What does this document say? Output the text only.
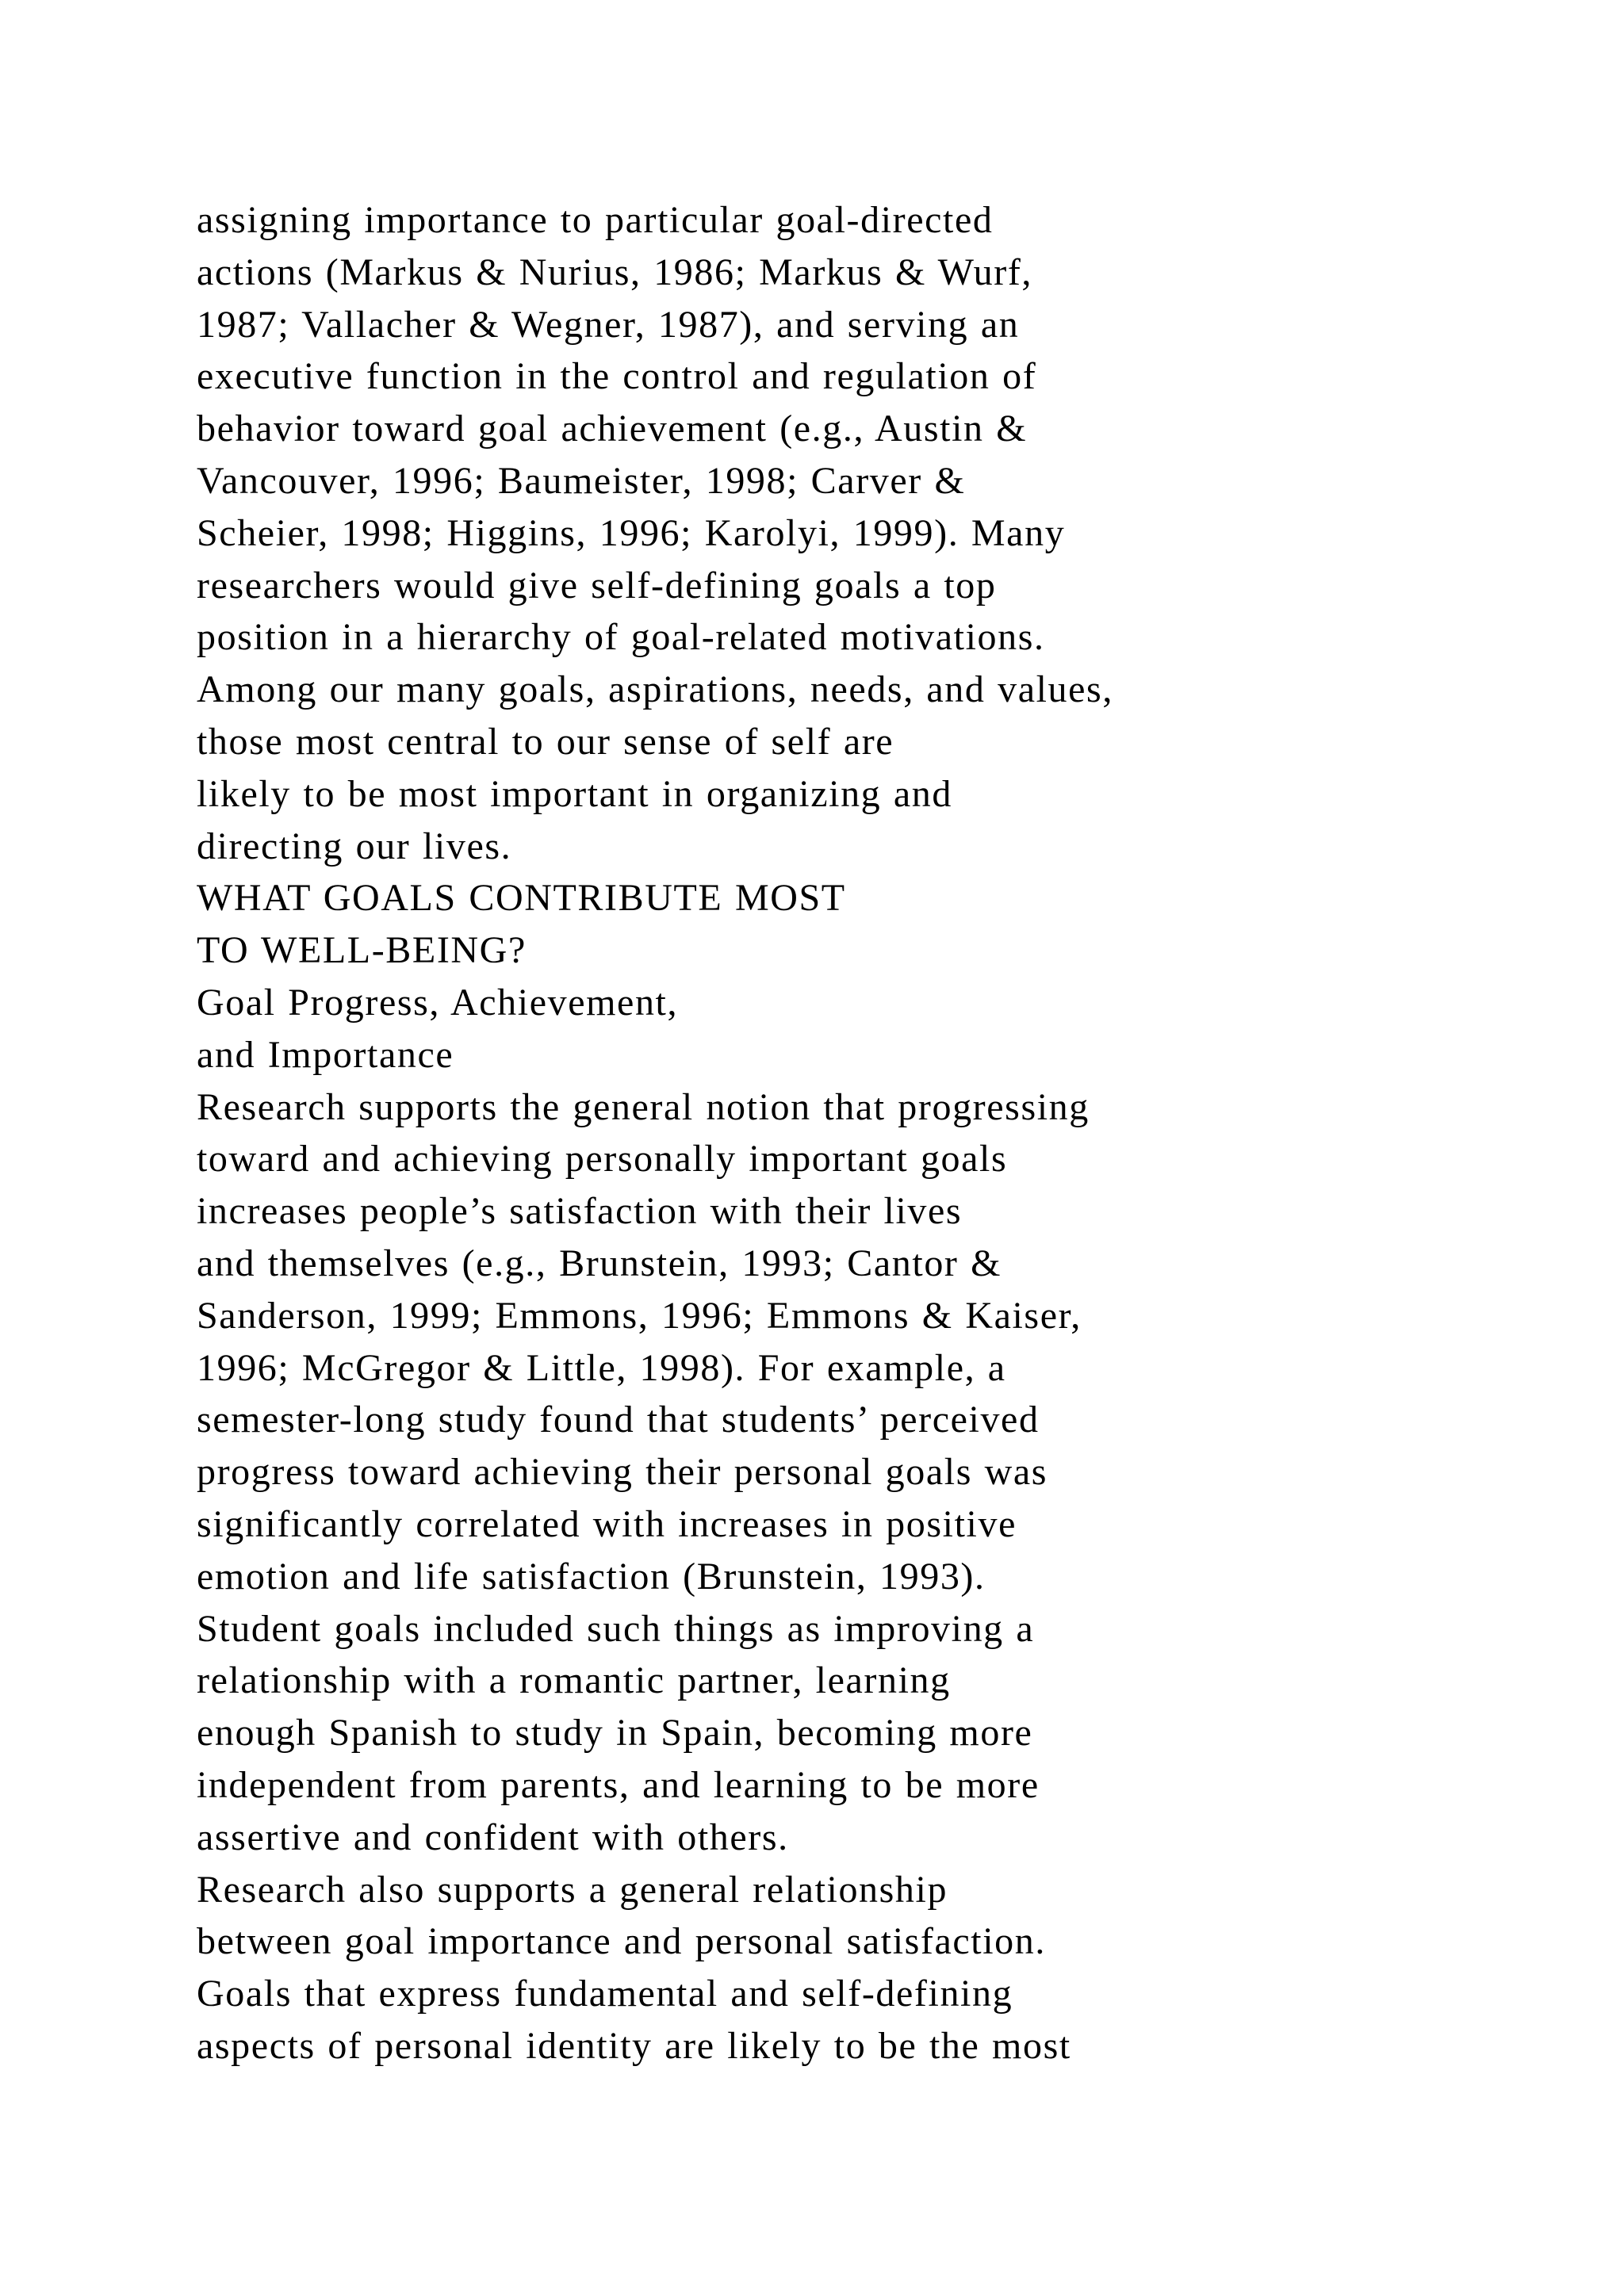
assigning importance to particular goal-directed
actions (Markus & Nurius, 1986; Markus & Wurf,
1987; Vallacher & Wegner, 1987), and serving an
executive function in the control and regulation of
behavior toward goal achievement (e.g., Austin &
Vancouver, 1996; Baumeister, 1998; Carver &
Scheier, 1998; Higgins, 1996; Karolyi, 1999). Many
researchers would give self-defining goals a top
position in a hierarchy of goal-related motivations.
Among our many goals, aspirations, needs, and values,
those most central to our sense of self are
likely to be most important in organizing and
directing our lives.
WHAT GOALS CONTRIBUTE MOST
TO WELL-BEING?
Goal Progress, Achievement,
and Importance
Research supports the general notion that progressing
toward and achieving personally important goals
increases people’s satisfaction with their lives
and themselves (e.g., Brunstein, 1993; Cantor &
Sanderson, 1999; Emmons, 1996; Emmons & Kaiser,
1996; McGregor & Little, 1998). For example, a
semester-long study found that students’ perceived
progress toward achieving their personal goals was
significantly correlated with increases in positive
emotion and life satisfaction (Brunstein, 1993).
Student goals included such things as improving a
relationship with a romantic partner, learning
enough Spanish to study in Spain, becoming more
independent from parents, and learning to be more
assertive and confident with others.
Research also supports a general relationship
between goal importance and personal satisfaction.
Goals that express fundamental and self-defining
aspects of personal identity are likely to be the most
